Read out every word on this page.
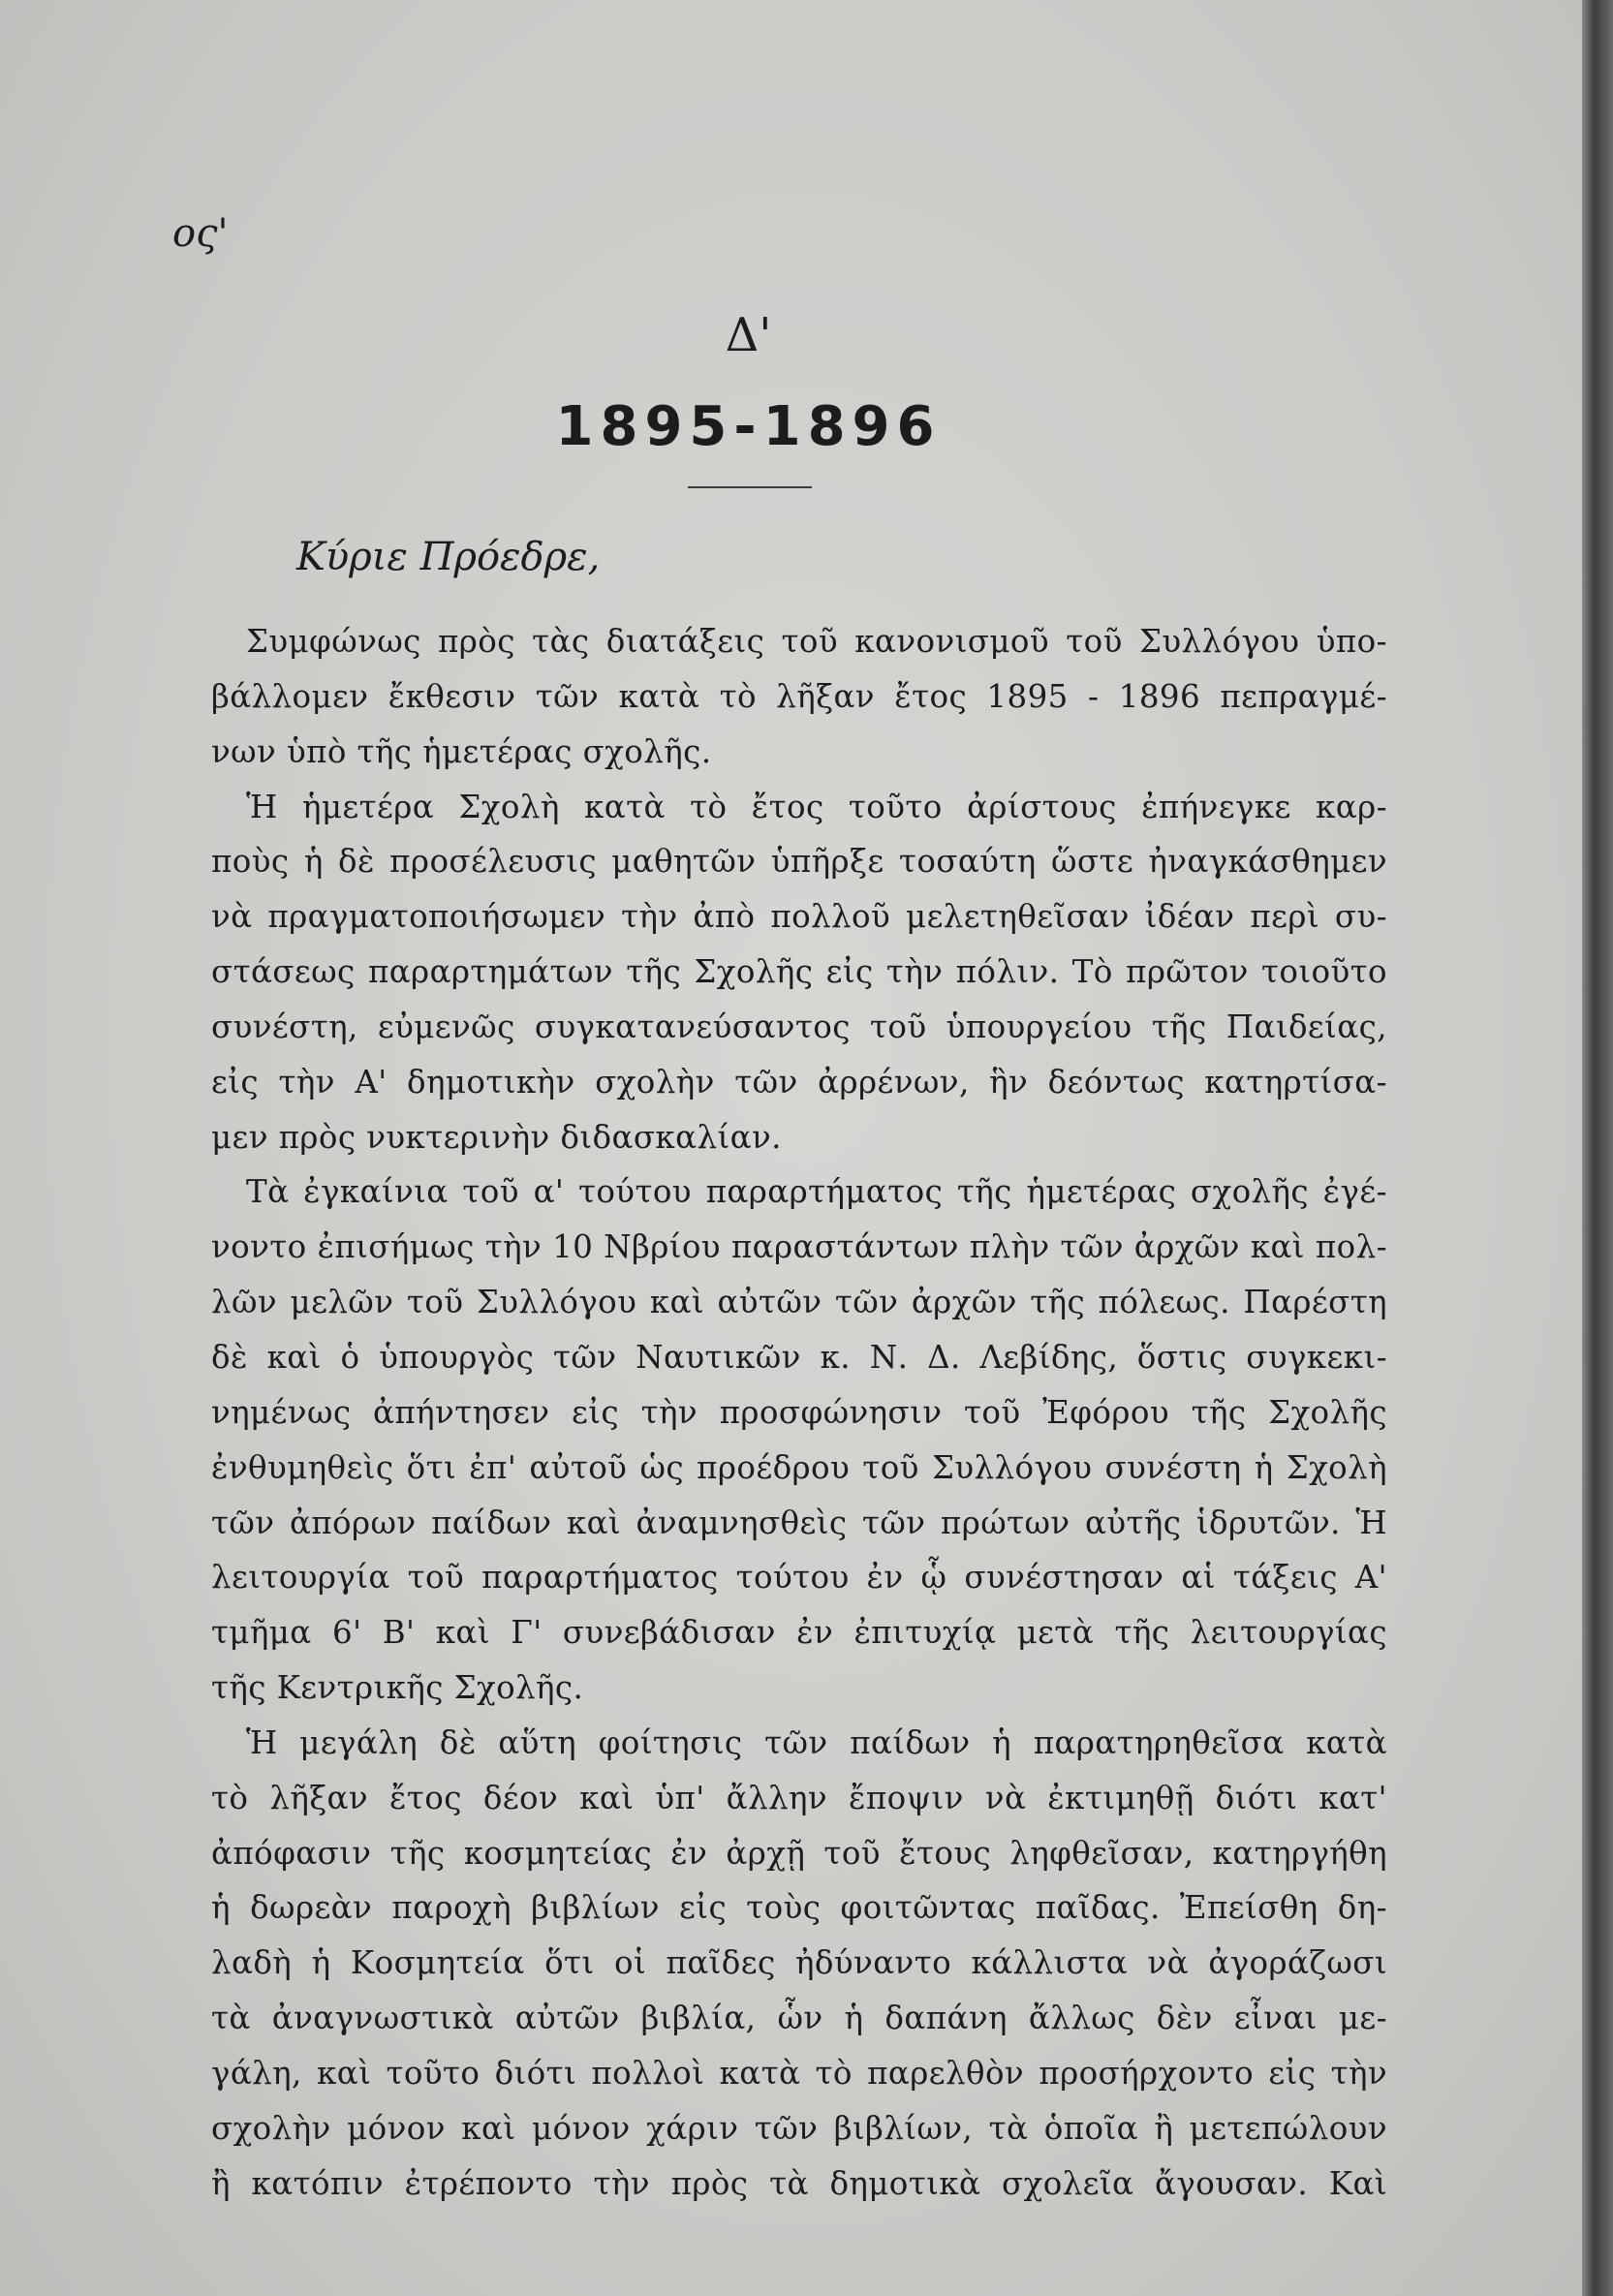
ος'
Δ'
1895-1896
Κύριε Πρόεδρε,
Συμφώνως πρὸς τὰς διατάξεις τοῦ κανονισμοῦ τοῦ Συλλόγου ὑπο-
βάλλομεν ἔκθεσιν τῶν κατὰ τὸ λῆξαν ἔτος 1895 - 1896 πεπραγμέ-
νων ὑπὸ τῆς ἡμετέρας σχολῆς.
Ἡ ἡμετέρα Σχολὴ κατὰ τὸ ἔτος τοῦτο ἀρίστους ἐπήνεγκε καρ-
ποὺς ἡ δὲ προσέλευσις μαθητῶν ὑπῆρξε τοσαύτη ὥστε ἠναγκάσθημεν
νὰ πραγματοποιήσωμεν τὴν ἀπὸ πολλοῦ μελετηθεῖσαν ἰδέαν περὶ συ-
στάσεως παραρτημάτων τῆς Σχολῆς εἰς τὴν πόλιν. Τὸ πρῶτον τοιοῦτο
συνέστη, εὐμενῶς συγκατανεύσαντος τοῦ ὑπουργείου τῆς Παιδείας,
εἰς τὴν Α' δημοτικὴν σχολὴν τῶν ἀρρένων, ἣν δεόντως κατηρτίσα-
μεν πρὸς νυκτερινὴν διδασκαλίαν.
Τὰ ἐγκαίνια τοῦ α' τούτου παραρτήματος τῆς ἡμετέρας σχολῆς ἐγέ-
νοντο ἐπισήμως τὴν 10 Νβρίου παραστάντων πλὴν τῶν ἀρχῶν καὶ πολ-
λῶν μελῶν τοῦ Συλλόγου καὶ αὐτῶν τῶν ἀρχῶν τῆς πόλεως. Παρέστη
δὲ καὶ ὁ ὑπουργὸς τῶν Ναυτικῶν κ. Ν. Δ. Λεβίδης, ὅστις συγκεκι-
νημένως ἀπήντησεν εἰς τὴν προσφώνησιν τοῦ Ἐφόρου τῆς Σχολῆς
ἐνθυμηθεὶς ὅτι ἐπ' αὐτοῦ ὡς προέδρου τοῦ Συλλόγου συνέστη ἡ Σχολὴ
τῶν ἀπόρων παίδων καὶ ἀναμνησθεὶς τῶν πρώτων αὐτῆς ἱδρυτῶν. Ἡ
λειτουργία τοῦ παραρτήματος τούτου ἐν ᾧ συνέστησαν αἱ τάξεις Α'
τμῆμα 6' Β' καὶ Γ' συνεβάδισαν ἐν ἐπιτυχίᾳ μετὰ τῆς λειτουργίας
τῆς Κεντρικῆς Σχολῆς.
Ἡ μεγάλη δὲ αὕτη φοίτησις τῶν παίδων ἡ παρατηρηθεῖσα κατὰ
τὸ λῆξαν ἔτος δέον καὶ ὑπ' ἄλλην ἔποψιν νὰ ἐκτιμηθῇ διότι κατ'
ἀπόφασιν τῆς κοσμητείας ἐν ἀρχῇ τοῦ ἔτους ληφθεῖσαν, κατηργήθη
ἡ δωρεὰν παροχὴ βιβλίων εἰς τοὺς φοιτῶντας παῖδας. Ἐπείσθη δη-
λαδὴ ἡ Κοσμητεία ὅτι οἱ παῖδες ἠδύναντο κάλλιστα νὰ ἀγοράζωσι
τὰ ἀναγνωστικὰ αὐτῶν βιβλία, ὧν ἡ δαπάνη ἄλλως δὲν εἶναι με-
γάλη, καὶ τοῦτο διότι πολλοὶ κατὰ τὸ παρελθὸν προσήρχοντο εἰς τὴν
σχολὴν μόνον καὶ μόνον χάριν τῶν βιβλίων, τὰ ὁποῖα ἢ μετεπώλουν
ἢ κατόπιν ἐτρέποντο τὴν πρὸς τὰ δημοτικὰ σχολεῖα ἄγουσαν. Καὶ
